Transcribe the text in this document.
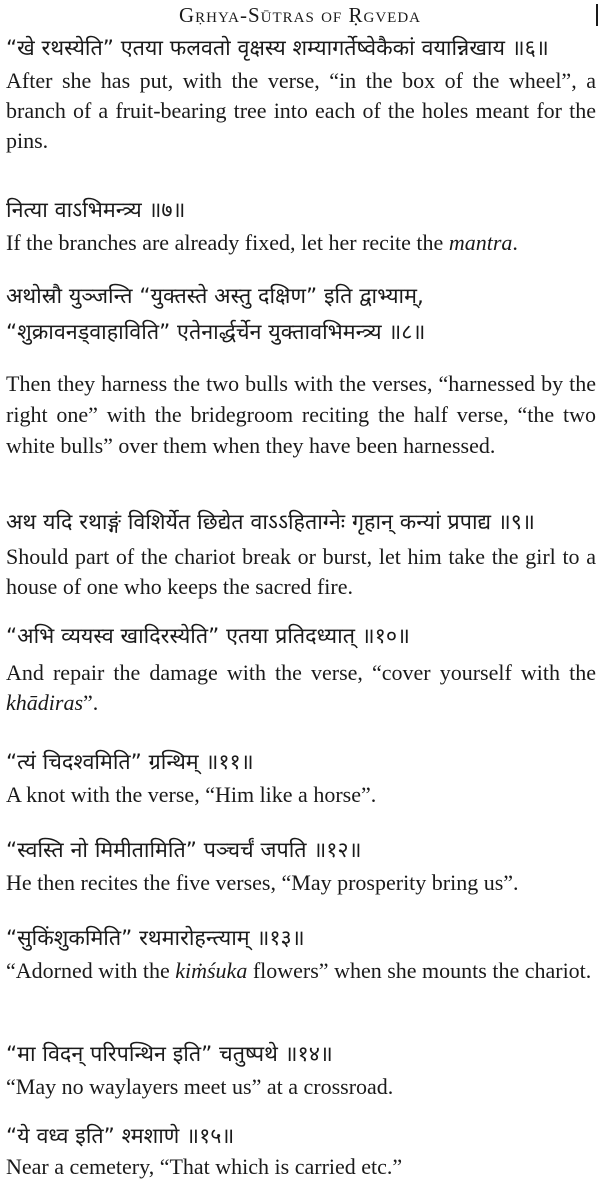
Gṛhya-Sūtras of Ṛgveda
“खे रथस्येति” एतया फलवतो वृक्षस्य शम्यागर्तेष्वेकैकां वयान्निखाय ॥६॥
After she has put, with the verse, “in the box of the wheel”, a branch of a fruit-bearing tree into each of the holes meant for the pins.
नित्या वाऽभिमन्त्र्य ॥७॥
If the branches are already fixed, let her recite the mantra.
अथोस्रौ युञ्जन्ति “युक्तस्ते अस्तु दक्षिण” इति द्वाभ्याम्,
“शुक्रावनड्वाहाविति” एतेनार्द्धर्चेन युक्तावभिमन्त्र्य ॥८॥
Then they harness the two bulls with the verses, “harnessed by the right one” with the bridegroom reciting the half verse, “the two white bulls” over them when they have been harnessed.
अथ यदि रथाङ्गं विशिर्येत छिद्येत वाऽऽहिताग्नेः गृहान् कन्यां प्रपाद्य ॥९॥
Should part of the chariot break or burst, let him take the girl to a house of one who keeps the sacred fire.
“अभि व्ययस्व खादिरस्येति” एतया प्रतिदध्यात् ॥१०॥
And repair the damage with the verse, “cover yourself with the khādiras”.
“त्यं चिदश्वमिति” ग्रन्थिम् ॥११॥
A knot with the verse, “Him like a horse”.
“स्वस्ति नो मिमीतामिति” पञ्चर्चं जपति ॥१२॥
He then recites the five verses, “May prosperity bring us”.
“सुकिंशुकमिति” रथमारोहन्त्याम् ॥१३॥
“Adorned with the kiṁśuka flowers” when she mounts the chariot.
“मा विदन् परिपन्थिन इति” चतुष्पथे ॥१४॥
“May no waylayers meet us” at a crossroad.
“ये वध्व इति” श्मशाणे ॥१५॥
Near a cemetery, “That which is carried etc.”
